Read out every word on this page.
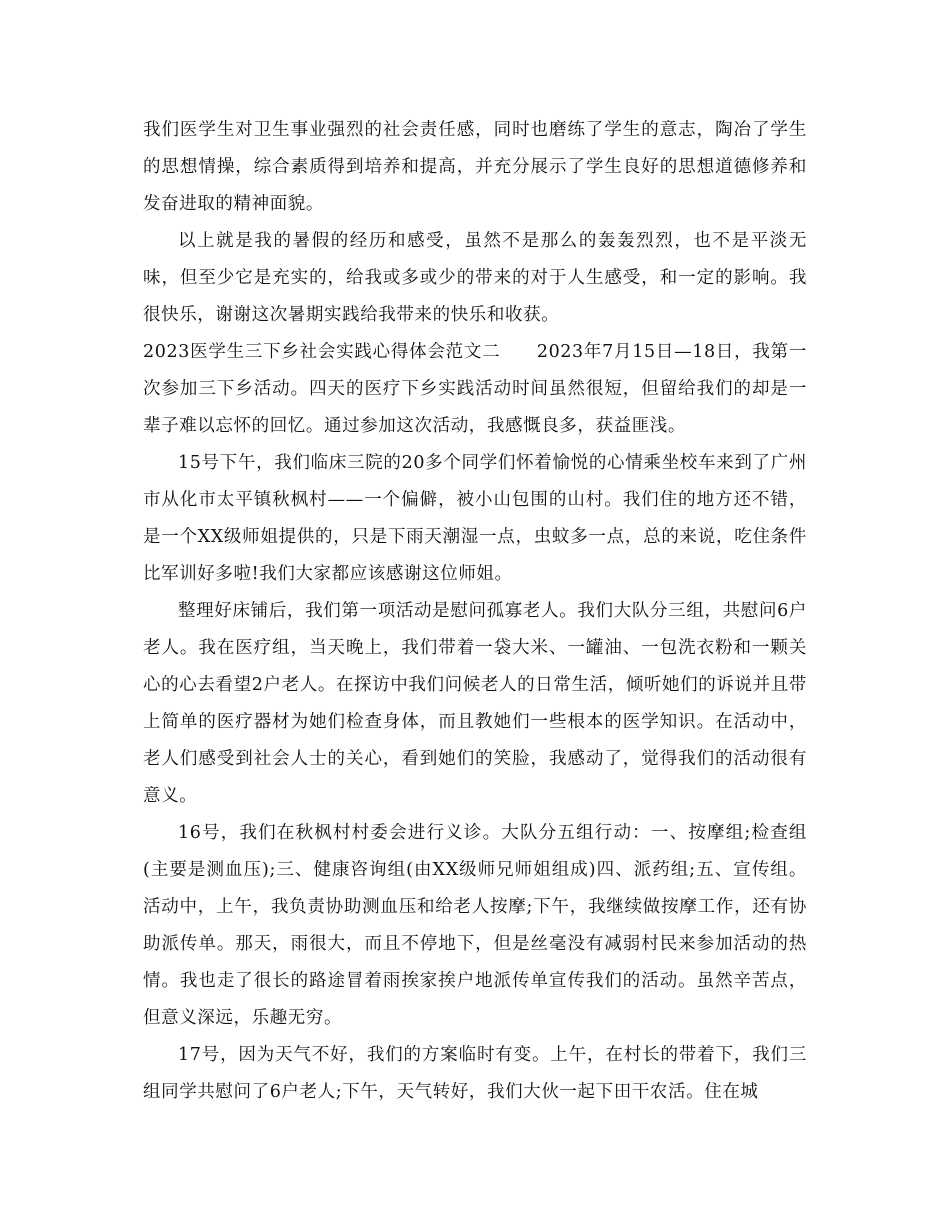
我们医学生对卫生事业强烈的社会责任感，同时也磨练了学生的意志，陶冶了学生的思想情操，综合素质得到培养和提高，并充分展示了学生良好的思想道德修养和发奋进取的精神面貌。

以上就是我的暑假的经历和感受，虽然不是那么的轰轰烈烈，也不是平淡无味，但至少它是充实的，给我或多或少的带来的对于人生感受，和一定的影响。我很快乐，谢谢这次暑期实践给我带来的快乐和收获。

2023医学生三下乡社会实践心得体会范文二　　2023年7月15日—18日，我第一次参加三下乡活动。四天的医疗下乡实践活动时间虽然很短，但留给我们的却是一辈子难以忘怀的回忆。通过参加这次活动，我感慨良多，获益匪浅。

15号下午，我们临床三院的20多个同学们怀着愉悦的心情乘坐校车来到了广州市从化市太平镇秋枫村——一个偏僻，被小山包围的山村。我们住的地方还不错，是一个XX级师姐提供的，只是下雨天潮湿一点，虫蚊多一点，总的来说，吃住条件比军训好多啦!我们大家都应该感谢这位师姐。

整理好床铺后，我们第一项活动是慰问孤寡老人。我们大队分三组，共慰问6户老人。我在医疗组，当天晚上，我们带着一袋大米、一罐油、一包洗衣粉和一颗关心的心去看望2户老人。在探访中我们问候老人的日常生活，倾听她们的诉说并且带上简单的医疗器材为她们检查身体，而且教她们一些根本的医学知识。在活动中，老人们感受到社会人士的关心，看到她们的笑脸，我感动了，觉得我们的活动很有意义。

16号，我们在秋枫村村委会进行义诊。大队分五组行动：一、按摩组;检查组(主要是测血压);三、健康咨询组(由XX级师兄师姐组成)四、派药组;五、宣传组。活动中，上午，我负责协助测血压和给老人按摩;下午，我继续做按摩工作，还有协助派传单。那天，雨很大，而且不停地下，但是丝毫没有减弱村民来参加活动的热情。我也走了很长的路途冒着雨挨家挨户地派传单宣传我们的活动。虽然辛苦点，但意义深远，乐趣无穷。

17号，因为天气不好，我们的方案临时有变。上午，在村长的带着下，我们三组同学共慰问了6户老人;下午，天气转好，我们大伙一起下田干农活。住在城
